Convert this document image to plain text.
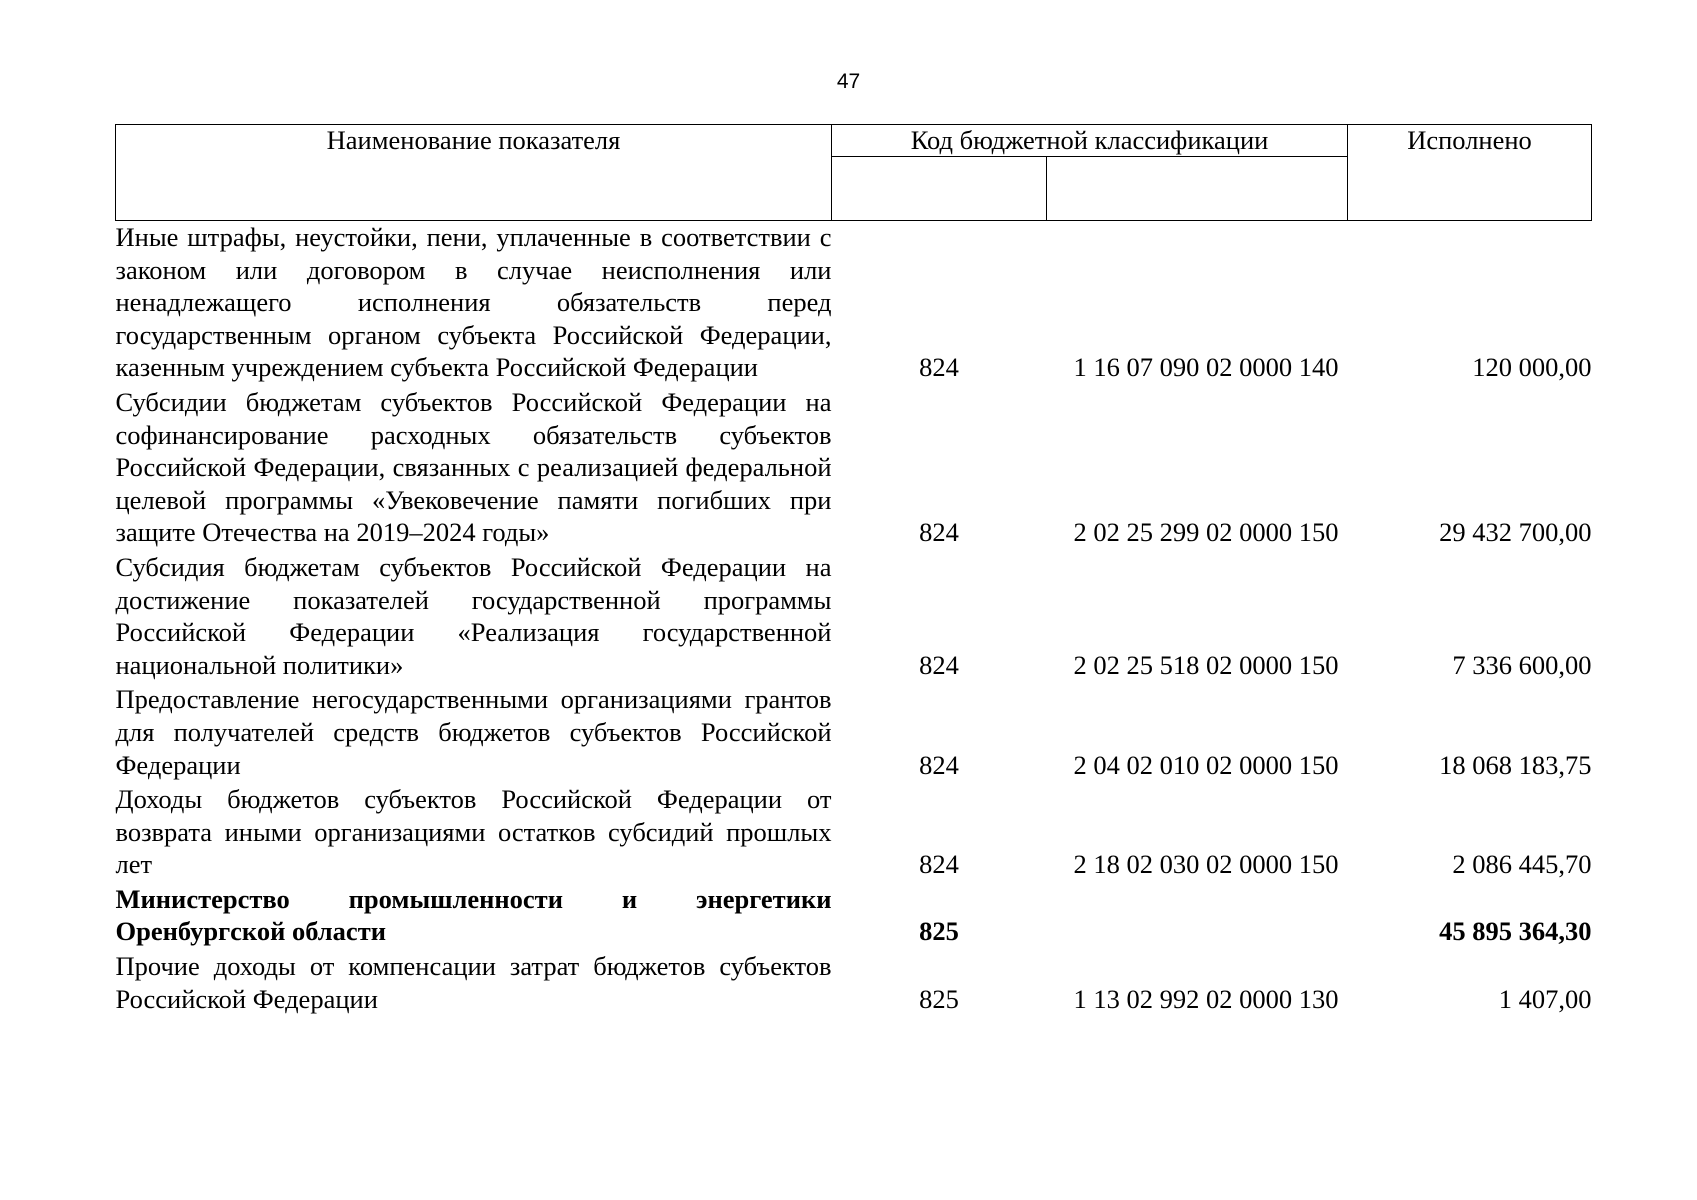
47
Наименование показателя	Код бюджетной классификации		Исполнено

Иные штрафы, неустойки, пени, уплаченные в соответствии с законом или договором в случае неисполнения или ненадлежащего исполнения обязательств перед государственным органом субъекта Российской Федерации, казенным учреждением субъекта Российской Федерации	824	1 16 07 090 02 0000 140	120 000,00
Субсидии бюджетам субъектов Российской Федерации на софинансирование расходных обязательств субъектов Российской Федерации, связанных с реализацией федеральной целевой программы «Увековечение памяти погибших при защите Отечества на 2019–2024 годы»	824	2 02 25 299 02 0000 150	29 432 700,00
Субсидия бюджетам субъектов Российской Федерации на достижение показателей государственной программы Российской Федерации «Реализация государственной национальной политики»	824	2 02 25 518 02 0000 150	7 336 600,00
Предоставление негосударственными организациями грантов для получателей средств бюджетов субъектов Российской Федерации	824	2 04 02 010 02 0000 150	18 068 183,75
Доходы бюджетов субъектов Российской Федерации от возврата иными организациями остатков субсидий прошлых лет	824	2 18 02 030 02 0000 150	2 086 445,70
Министерство промышленности и энергетики Оренбургской области	825		45 895 364,30
Прочие доходы от компенсации затрат бюджетов субъектов Российской Федерации	825	1 13 02 992 02 0000 130	1 407,00
